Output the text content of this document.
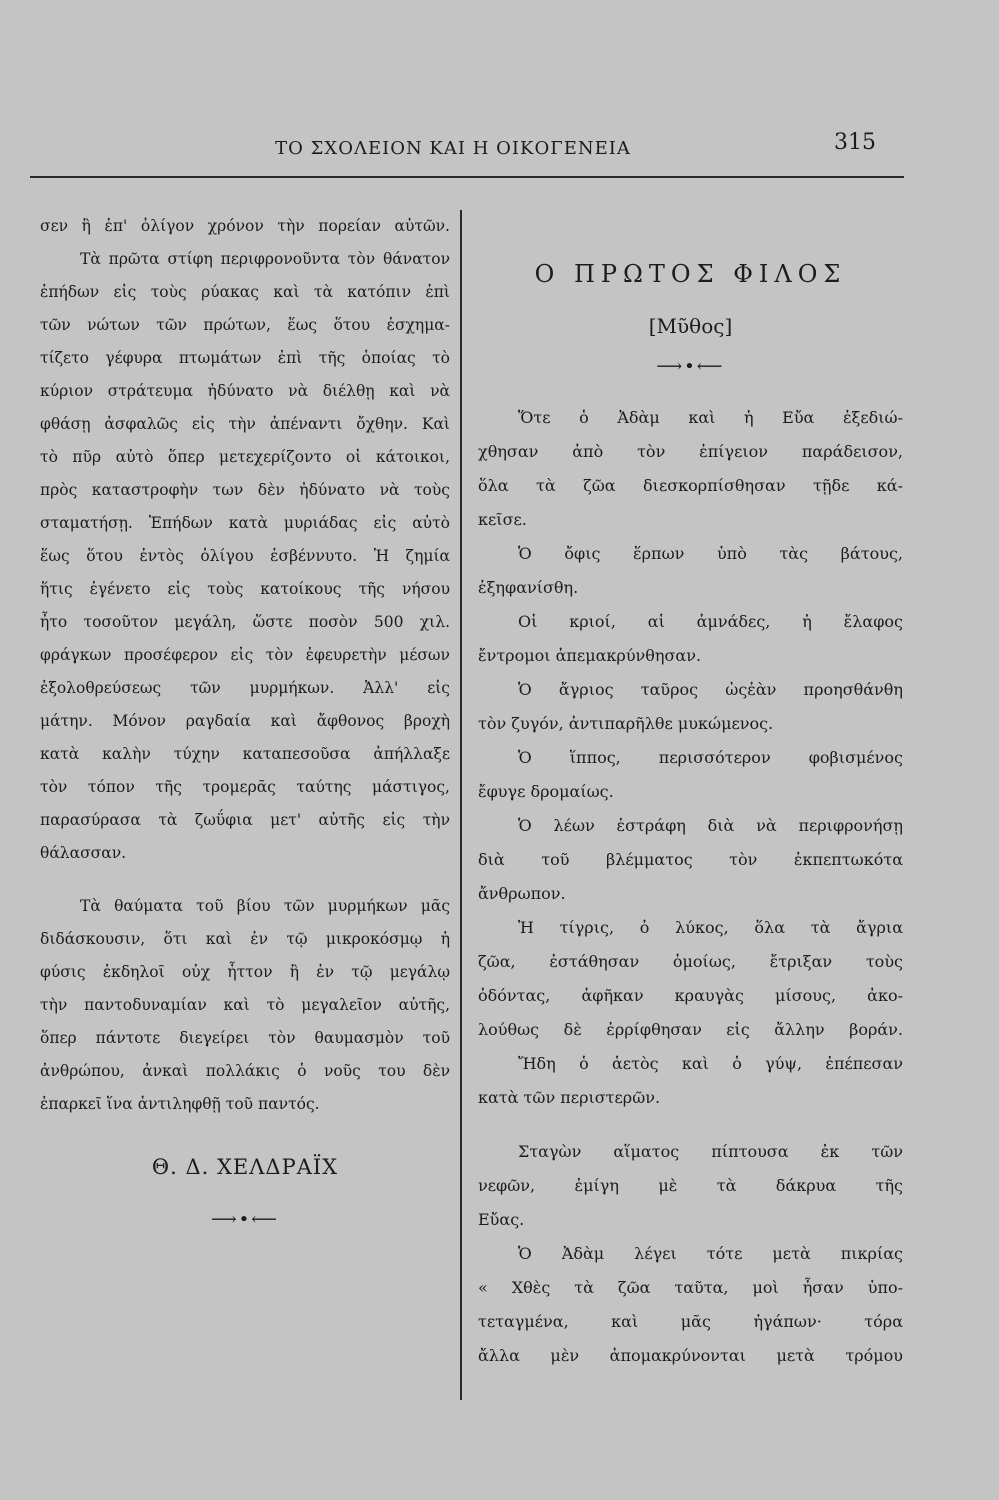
ΤΟ ΣΧΟΛΕΙΟΝ ΚΑΙ Η ΟΙΚΟΓΕΝΕΙΑ	315
σεν ἢ ἐπ' ὀλίγον χρόνον τὴν πορείαν αὐτῶν.
Τὰ πρῶτα στίφη περιφρονοῦντα τὸν θάνατον
ἐπήδων εἰς τοὺς ρύακας καὶ τὰ κατόπιν ἐπὶ
τῶν νώτων τῶν πρώτων, ἕως ὅτου ἐσχημα-
τίζετο γέφυρα πτωμάτων ἐπὶ τῆς ὁποίας τὸ
κύριον στράτευμα ἠδύνατο νὰ διέλθῃ καὶ νὰ
φθάσῃ ἀσφαλῶς εἰς τὴν ἀπέναντι ὄχθην. Καὶ
τὸ πῦρ αὐτὸ ὅπερ μετεχερίζοντο οἱ κάτοικοι,
πρὸς καταστροφὴν των δὲν ἠδύνατο νὰ τοὺς
σταματήσῃ. Ἐπήδων κατὰ μυριάδας εἰς αὐτὸ
ἕως ὅτου ἐντὸς ὀλίγου ἐσβέννυτο. Ἡ ζημία
ἥτις ἐγένετο εἰς τοὺς κατοίκους τῆς νήσου
ἦτο τοσοῦτον μεγάλη, ὥστε ποσὸν 500 χιλ.
φράγκων προσέφερον εἰς τὸν ἐφευρετὴν μέσων
ἐξολοθρεύσεως τῶν μυρμήκων. Ἀλλ' εἰς
μάτην. Μόνον ραγδαία καὶ ἄφθονος βροχὴ
κατὰ καλὴν τύχην καταπεσοῦσα ἀπήλλαξε
τὸν τόπον τῆς τρομερᾶς ταύτης μάστιγος,
παρασύρασα τὰ ζωΰφια μετ' αὐτῆς εἰς τὴν
θάλασσαν.
Τὰ θαύματα τοῦ βίου τῶν μυρμήκων μᾶς
διδάσκουσιν, ὅτι καὶ ἐν τῷ μικροκόσμῳ ἡ
φύσις ἐκδηλοῖ οὐχ ἧττον ἢ ἐν τῷ μεγάλῳ
τὴν παντοδυναμίαν καὶ τὸ μεγαλεῖον αὐτῆς,
ὅπερ πάντοτε διεγείρει τὸν θαυμασμὸν τοῦ
ἀνθρώπου, ἀνκαὶ πολλάκις ὁ νοῦς του δὲν
ἐπαρκεῖ ἵνα ἀντιληφθῇ τοῦ παντός.
Θ. Δ. ΧΕΛΔΡΑΪΧ
⟶•⟵
Ο ΠΡΩΤΟΣ ΦΙΛΟΣ
[Μῦθος]
⟶•⟵
Ὅτε ὁ Ἀδὰμ καὶ ἡ Εὔα ἐξεδιώ-
χθησαν ἀπὸ τὸν ἐπίγειον παράδεισον,
ὅλα τὰ ζῶα διεσκορπίσθησαν τῇδε κά-
κεῖσε.
Ὁ ὄφις ἕρπων ὑπὸ τὰς βάτους,
ἐξηφανίσθη.
Οἱ κριοί, αἱ ἀμνάδες, ἡ ἔλαφος
ἔντρομοι ἀπεμακρύνθησαν.
Ὁ ἄγριος ταῦρος ὡςἐὰν προησθάνθη
τὸν ζυγόν, ἀντιπαρῆλθε μυκώμενος.
Ὁ ἵππος, περισσότερον φοβισμένος
ἔφυγε δρομαίως.
Ὁ λέων ἐστράφη διὰ νὰ περιφρονήσῃ
διὰ τοῦ βλέμματος τὸν ἐκπεπτωκότα
ἄνθρωπον.
Ἡ τίγρις, ὁ λύκος, ὅλα τὰ ἄγρια
ζῶα, ἐστάθησαν ὁμοίως, ἔτριξαν τοὺς
ὀδόντας, ἀφῆκαν κραυγὰς μίσους, ἀκο-
λούθως δὲ ἐρρίφθησαν εἰς ἄλλην βοράν.
Ἤδη ὁ ἀετὸς καὶ ὁ γύψ, ἐπέπεσαν
κατὰ τῶν περιστερῶν.
Σταγὼν αἵματος πίπτουσα ἐκ τῶν
νεφῶν, ἐμίγη μὲ τὰ δάκρυα τῆς
Εὔας.
Ὁ Ἀδὰμ λέγει τότε μετὰ πικρίας
« Χθὲς τὰ ζῶα ταῦτα, μοὶ ἦσαν ὑπο-
τεταγμένα, καὶ μᾶς ἠγάπων· τόρα
ἄλλα μὲν ἀπομακρύνονται μετὰ τρόμου
